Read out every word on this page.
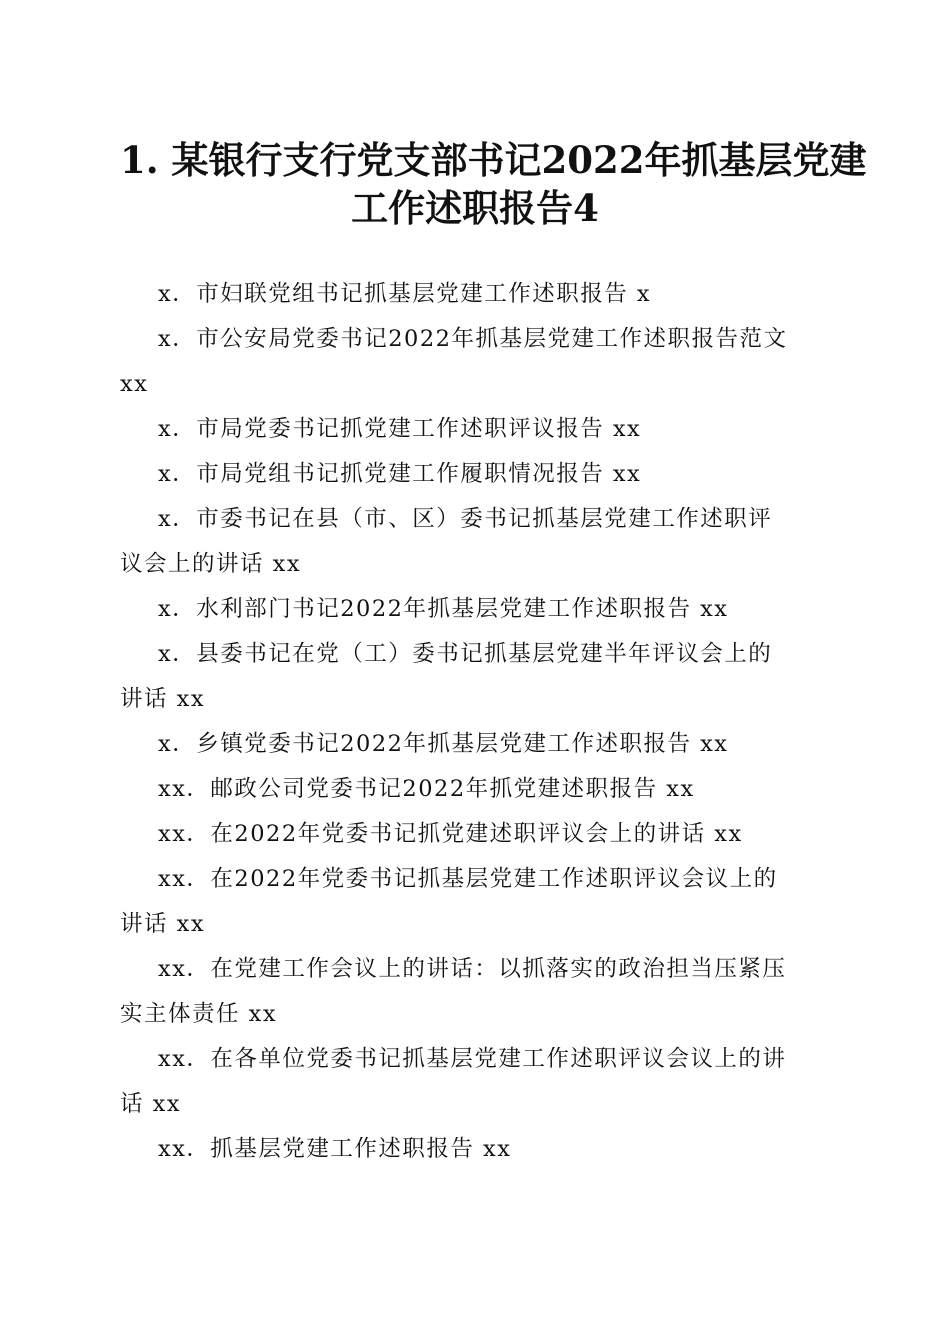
1. 某银行支行党支部书记2022年抓基层党建
工作述职报告4
x．市妇联党组书记抓基层党建工作述职报告 x
x．市公安局党委书记2022年抓基层党建工作述职报告范文
xx
x．市局党委书记抓党建工作述职评议报告 xx
x．市局党组书记抓党建工作履职情况报告 xx
x．市委书记在县（市、区）委书记抓基层党建工作述职评
议会上的讲话 xx
x．水利部门书记2022年抓基层党建工作述职报告 xx
x．县委书记在党（工）委书记抓基层党建半年评议会上的
讲话 xx
x．乡镇党委书记2022年抓基层党建工作述职报告 xx
xx．邮政公司党委书记2022年抓党建述职报告 xx
xx．在2022年党委书记抓党建述职评议会上的讲话 xx
xx．在2022年党委书记抓基层党建工作述职评议会议上的
讲话 xx
xx．在党建工作会议上的讲话：以抓落实的政治担当压紧压
实主体责任 xx
xx．在各单位党委书记抓基层党建工作述职评议会议上的讲
话 xx
xx．抓基层党建工作述职报告 xx
